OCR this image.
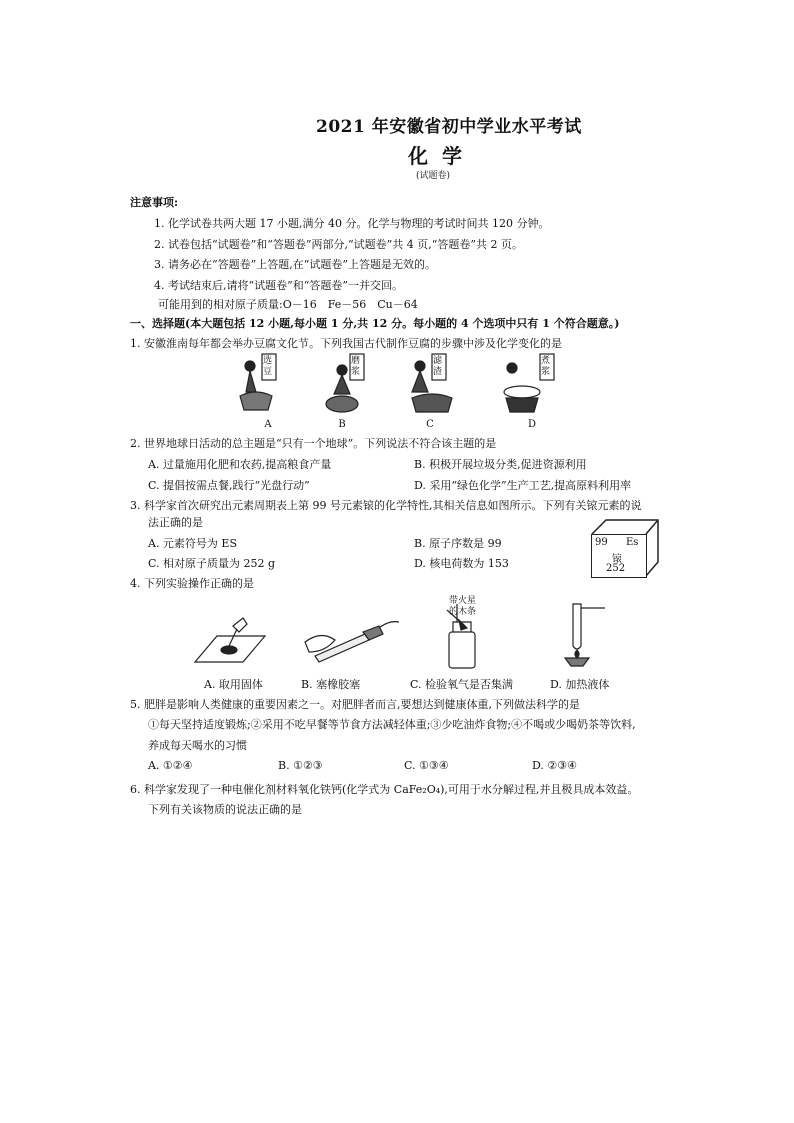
2021 年安徽省初中学业水平考试
化学
(试题卷)
注意事项:
1. 化学试卷共两大题 17 小题,满分 40 分。化学与物理的考试时间共 120 分钟。
2. 试卷包括“试题卷”和“答题卷”两部分,“试题卷”共 4 页,“答题卷”共 2 页。
3. 请务必在“答题卷”上答题,在“试题卷”上答题是无效的。
4. 考试结束后,请将“试题卷”和“答题卷”一并交回。
可能用到的相对原子质量:O－16　Fe－56　Cu－64
一、选择题(本大题包括 12 小题,每小题 1 分,共 12 分。每小题的 4 个选项中只有 1 个符合题意。)
1. 安徽淮南每年都会举办豆腐文化节。下列我国古代制作豆腐的步骤中涉及化学变化的是
选豆
磨浆
滤渣
煮浆
A	B	C	D
2. 世界地球日活动的总主题是“只有一个地球”。下列说法不符合该主题的是
A. 过量施用化肥和农药,提高粮食产量	B. 积极开展垃圾分类,促进资源利用
C. 提倡按需点餐,践行“光盘行动”	D. 采用“绿色化学”生产工艺,提高原料利用率
3. 科学家首次研究出元素周期表上第 99 号元素锿的化学特性,其相关信息如图所示。下列有关锿元素的说
法正确的是
A. 元素符号为 ES	B. 原子序数是 99
C. 相对原子质量为 252 g	D. 核电荷数为 153
99 Es
锿
252
4. 下列实验操作正确的是
带火星
的木条
A. 取用固体	B. 塞橡胶塞	C. 检验氧气是否集满	D. 加热液体
5. 肥胖是影响人类健康的重要因素之一。对肥胖者而言,要想达到健康体重,下列做法科学的是
①每天坚持适度锻炼;②采用不吃早餐等节食方法减轻体重;③少吃油炸食物;④不喝或少喝奶茶等饮料,
养成每天喝水的习惯
A. ①②④	B. ①②③	C. ①③④	D. ②③④
6. 科学家发现了一种电催化剂材料氧化铁钙(化学式为 CaFe₂O₄),可用于水分解过程,并且极具成本效益。
下列有关该物质的说法正确的是
